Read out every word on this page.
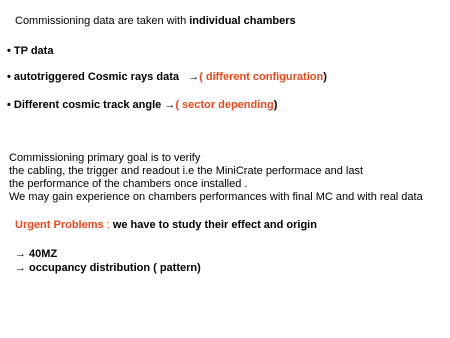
Commissioning data are taken with individual chambers
• TP data
• autotriggered Cosmic rays data   →( different configuration)
• Different cosmic track angle →( sector depending)
Commissioning primary goal is to verify
the cabling, the trigger and readout i.e the MiniCrate performace and last
the performance of the chambers once installed .
We may gain experience on chambers performances with final MC and with real data
Urgent Problems : we have to study their effect and origin
→ 40MZ
→ occupancy distribution ( pattern)
